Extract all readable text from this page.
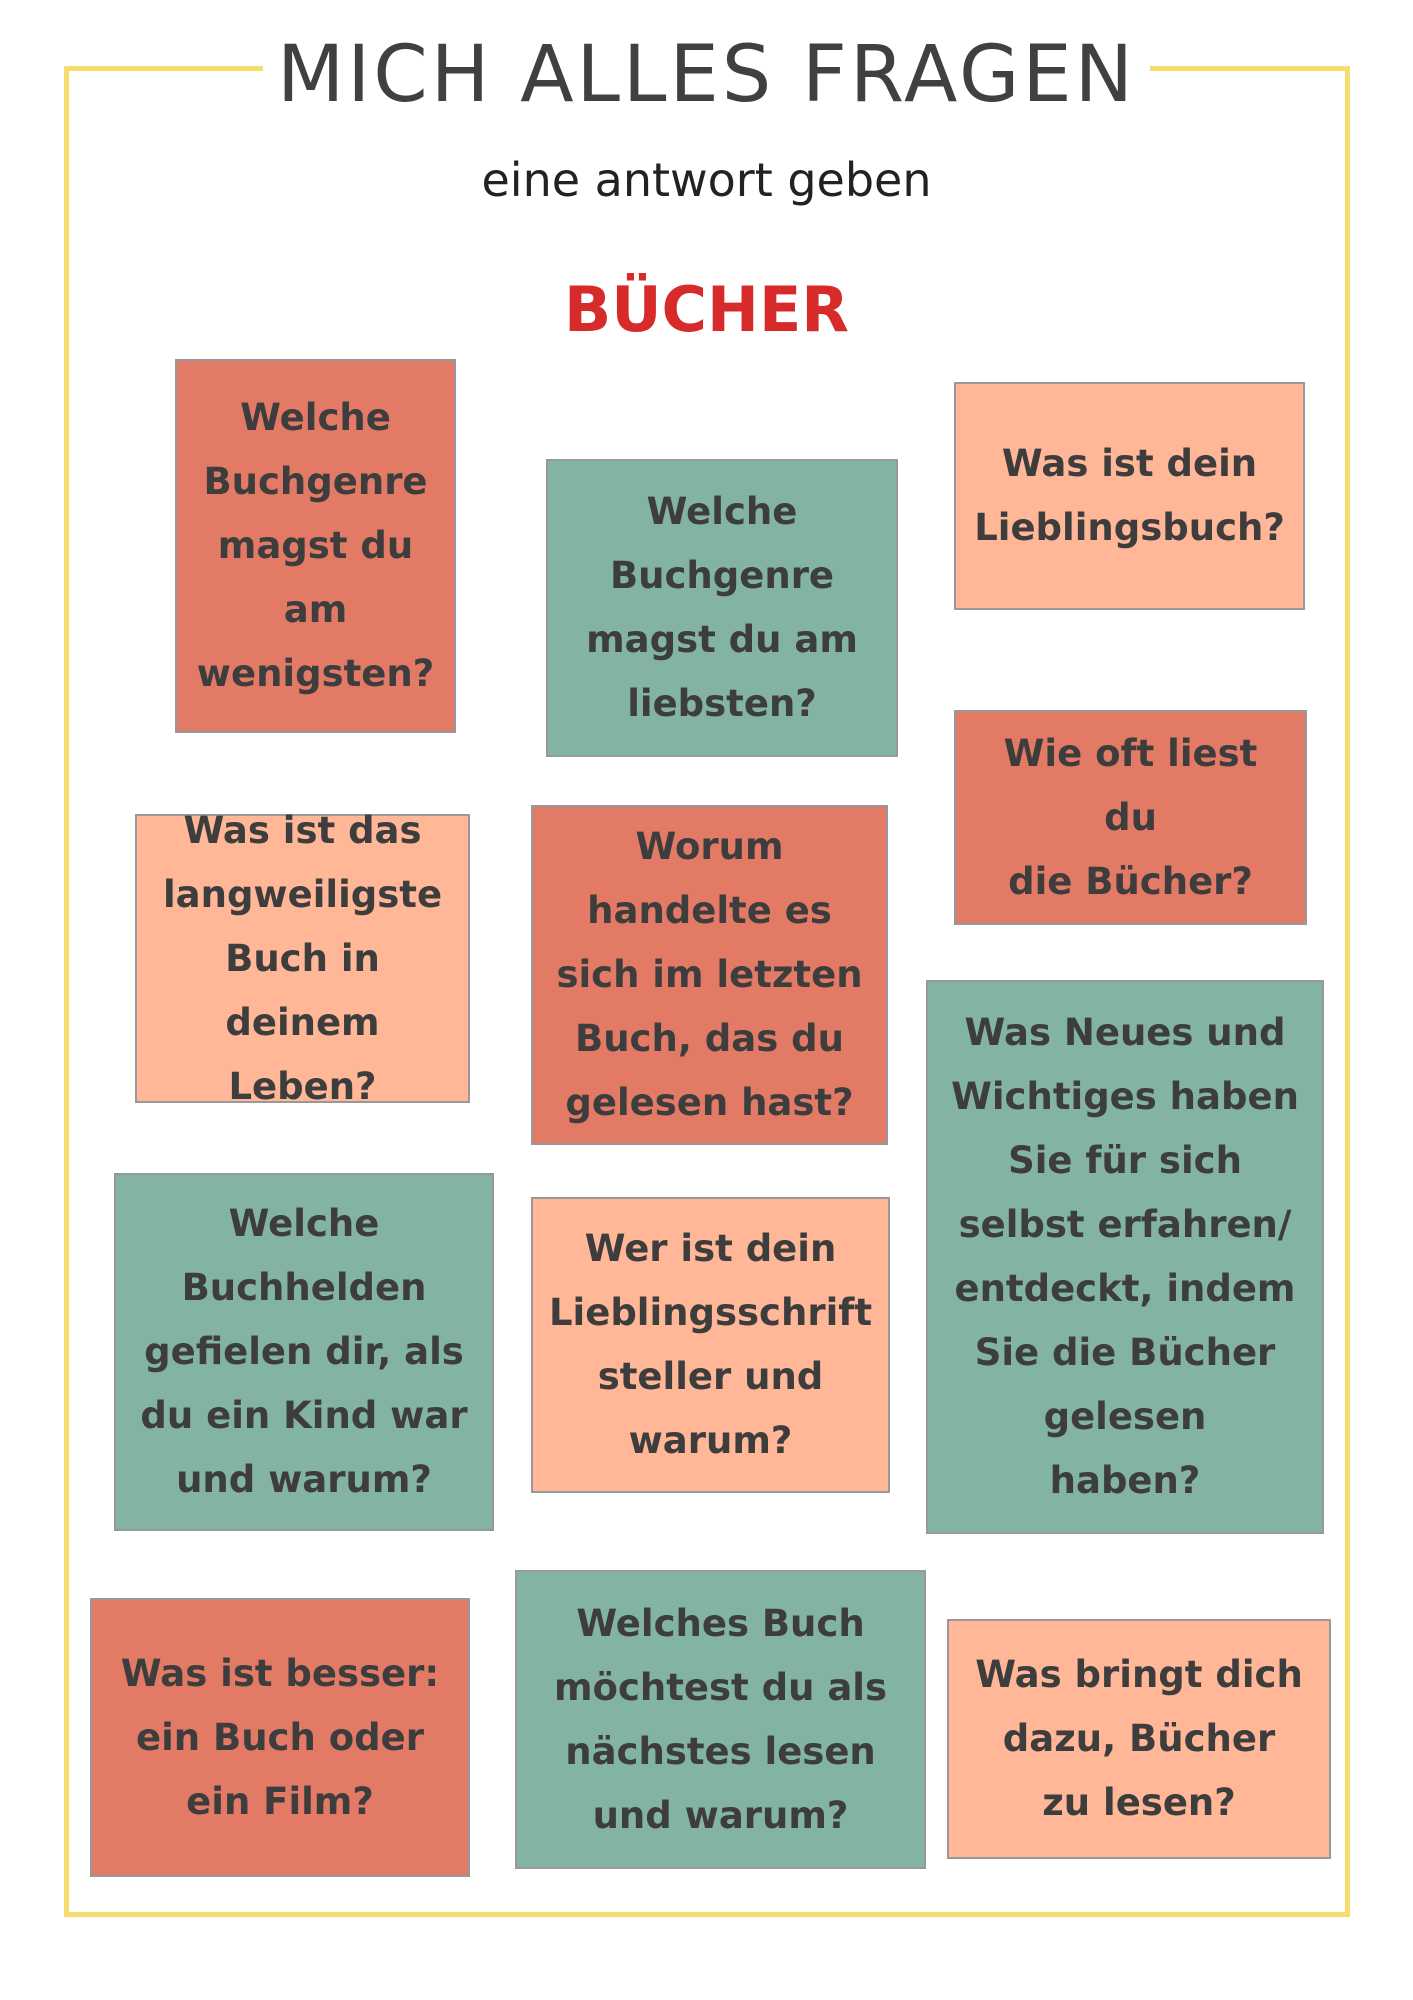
MICH ALLES FRAGEN
eine antwort geben
BÜCHER
Welche
Buchgenre
magst du am
wenigsten?
Welche
Buchgenre
magst du am
liebsten?
Was ist dein
Lieblingsbuch?
Wie oft liest du
die Bücher?
Was ist das
langweiligste
Buch in deinem
Leben?
Worum
handelte es
sich im letzten
Buch, das du
gelesen hast?
Was Neues und
Wichtiges haben
Sie für sich
selbst erfahren/
entdeckt, indem
Sie die Bücher
gelesen
haben?
Welche
Buchhelden
gefielen dir, als
du ein Kind war
und warum?
Wer ist dein
Lieblingsschrift
steller und
warum?
Was ist besser:
ein Buch oder
ein Film?
Welches Buch
möchtest du als
nächstes lesen
und warum?
Was bringt dich
dazu, Bücher
zu lesen?
